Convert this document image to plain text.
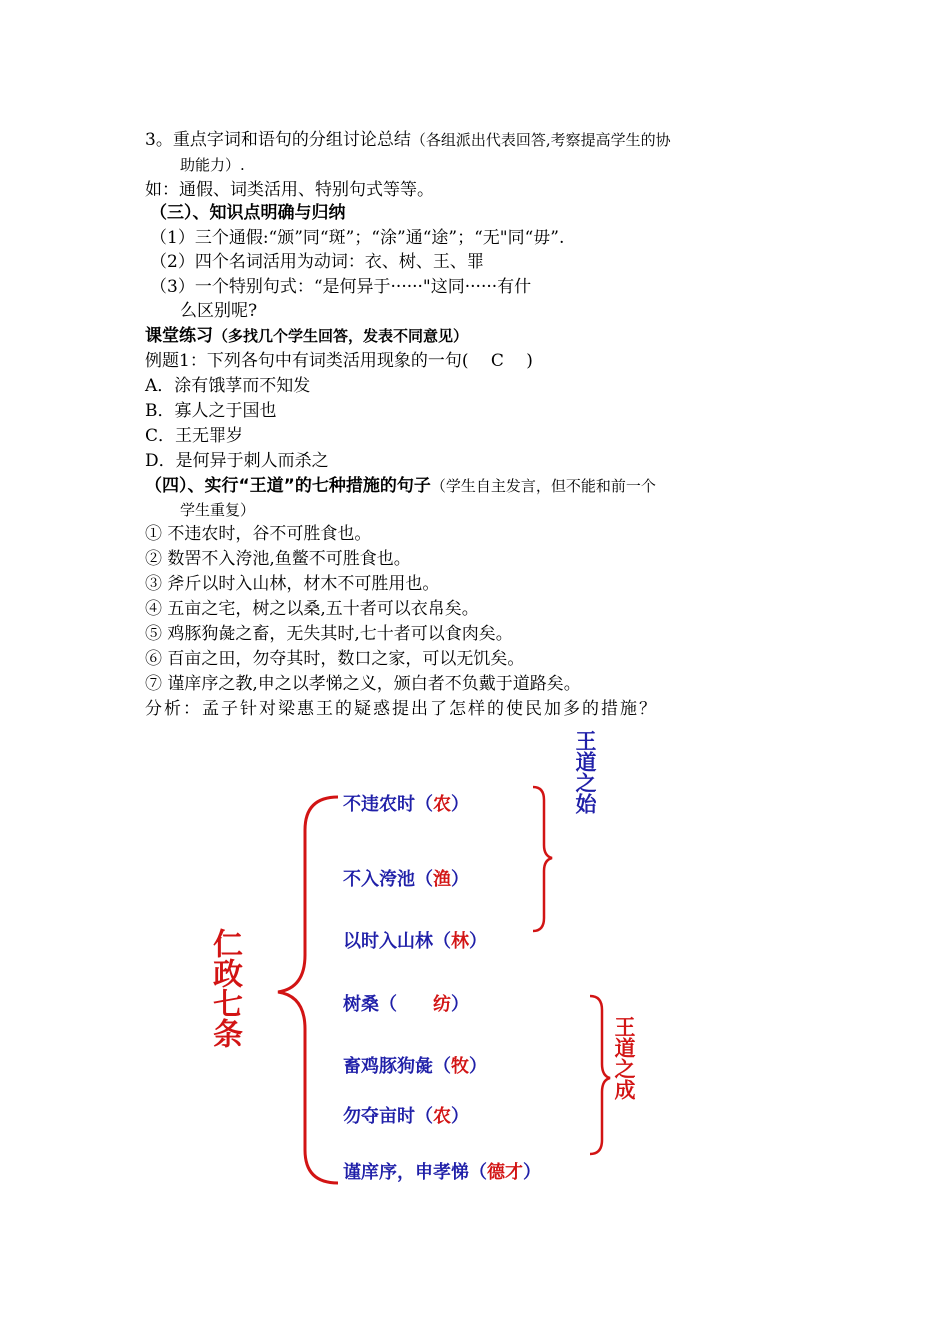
3。重点字词和语句的分组讨论总结（各组派出代表回答,考察提高学生的协
助能力）.
如：通假、词类活用、特别句式等等。
（三）、知识点明确与归纳
（1）三个通假:“颁”同“斑”；“涂”通“途”；“无"同“毋”.
（2）四个名词活用为动词：衣、树、王、罪
（3）一个特别句式：“是何异于······"这同······有什
么区别呢?
课堂练习（多找几个学生回答，发表不同意见）
例题1：下列各句中有词类活用现象的一句(　 C　 )
A．涂有饿莩而不知发
B．寡人之于国也
C．王无罪岁
D．是何异于刺人而杀之
（四）、实行“王道”的七种措施的句子（学生自主发言，但不能和前一个
学生重复）
① 不违农时，谷不可胜食也。
② 数罟不入洿池,鱼鳖不可胜食也。
③ 斧斤以时入山林，材木不可胜用也。
④ 五亩之宅，树之以桑,五十者可以衣帛矣。
⑤ 鸡豚狗彘之畜，无失其时,七十者可以食肉矣。
⑥ 百亩之田，勿夺其时，数口之家，可以无饥矣。
⑦ 谨庠序之教,申之以孝悌之义，颁白者不负戴于道路矣。
分析：孟子针对梁惠王的疑惑提出了怎样的使民加多的措施？
仁政七条
王道之始
王道之成
不违农时（农）
不入洿池（渔）
以时入山林（林）
树桑（　　纺）
畜鸡豚狗彘（牧）
勿夺亩时（农）
谨庠序，申孝悌（德才）
